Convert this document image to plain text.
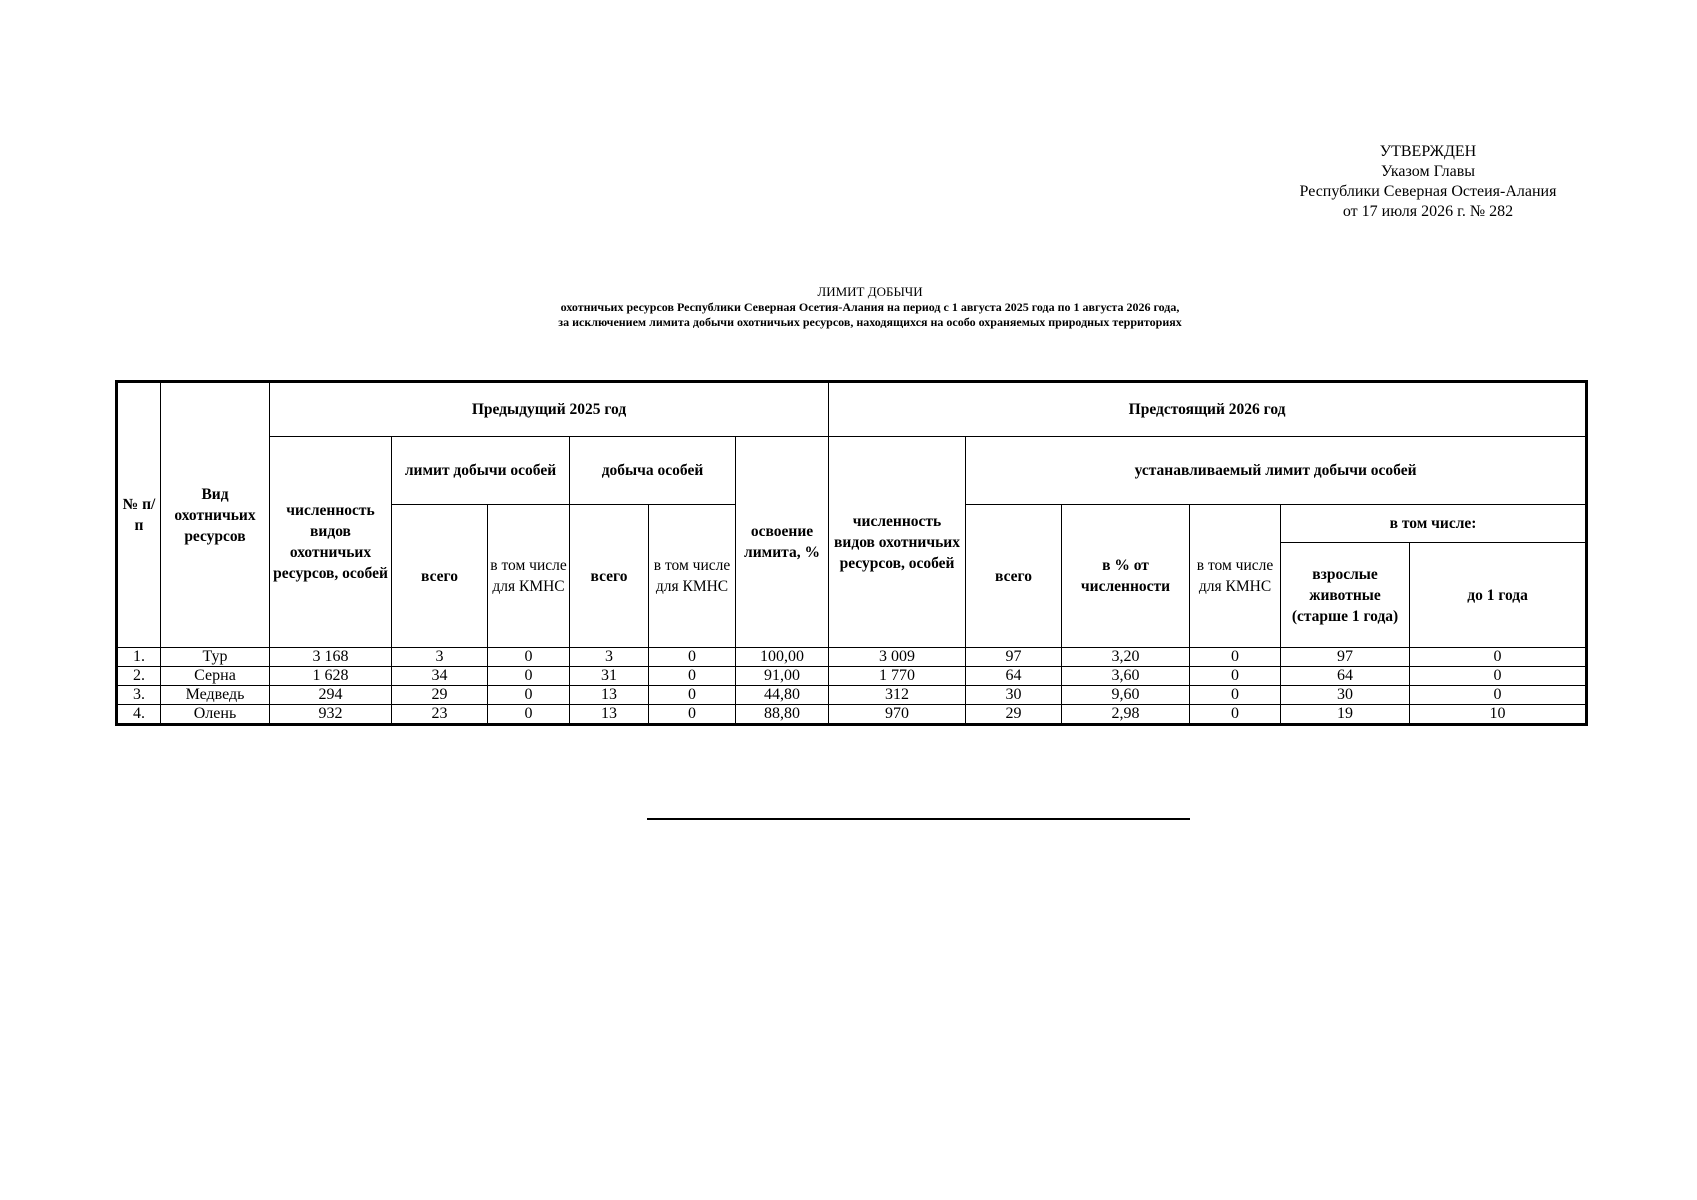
УТВЕРЖДЕН
Указом Главы
Республики Северная Остеия-Алания
от 17 июля 2026 г. № 282
ЛИМИТ ДОБЫЧИ
охотничьих ресурсов Республики Северная Осетия-Алания на период с 1 августа 2025 года по 1 августа 2026 года,
за исключением лимита добычи охотничьих ресурсов, находящихся на особо охраняемых природных территориях
№ п/п	Вид охотничьих ресурсов	Предыдущий 2025 год						Предстоящий 2026 год					
		численность видов охотничьих ресурсов, особей	лимит добычи особей		добыча особей		освоение лимита, %	численность видов охотничьих ресурсов, особей	устанавливаемый лимит добычи особей				
			всего	в том числе для КМНС	всего	в том числе для КМНС			всего	в % от численности	в том числе для КМНС	в том числе:	
												взрослые животные (старше 1 года)	до 1 года
1.	Тур	3 168	3	0	3	0	100,00	3 009	97	3,20	0	97	0
2.	Серна	1 628	34	0	31	0	91,00	1 770	64	3,60	0	64	0
3.	Медведь	294	29	0	13	0	44,80	312	30	9,60	0	30	0
4.	Олень	932	23	0	13	0	88,80	970	29	2,98	0	19	10
